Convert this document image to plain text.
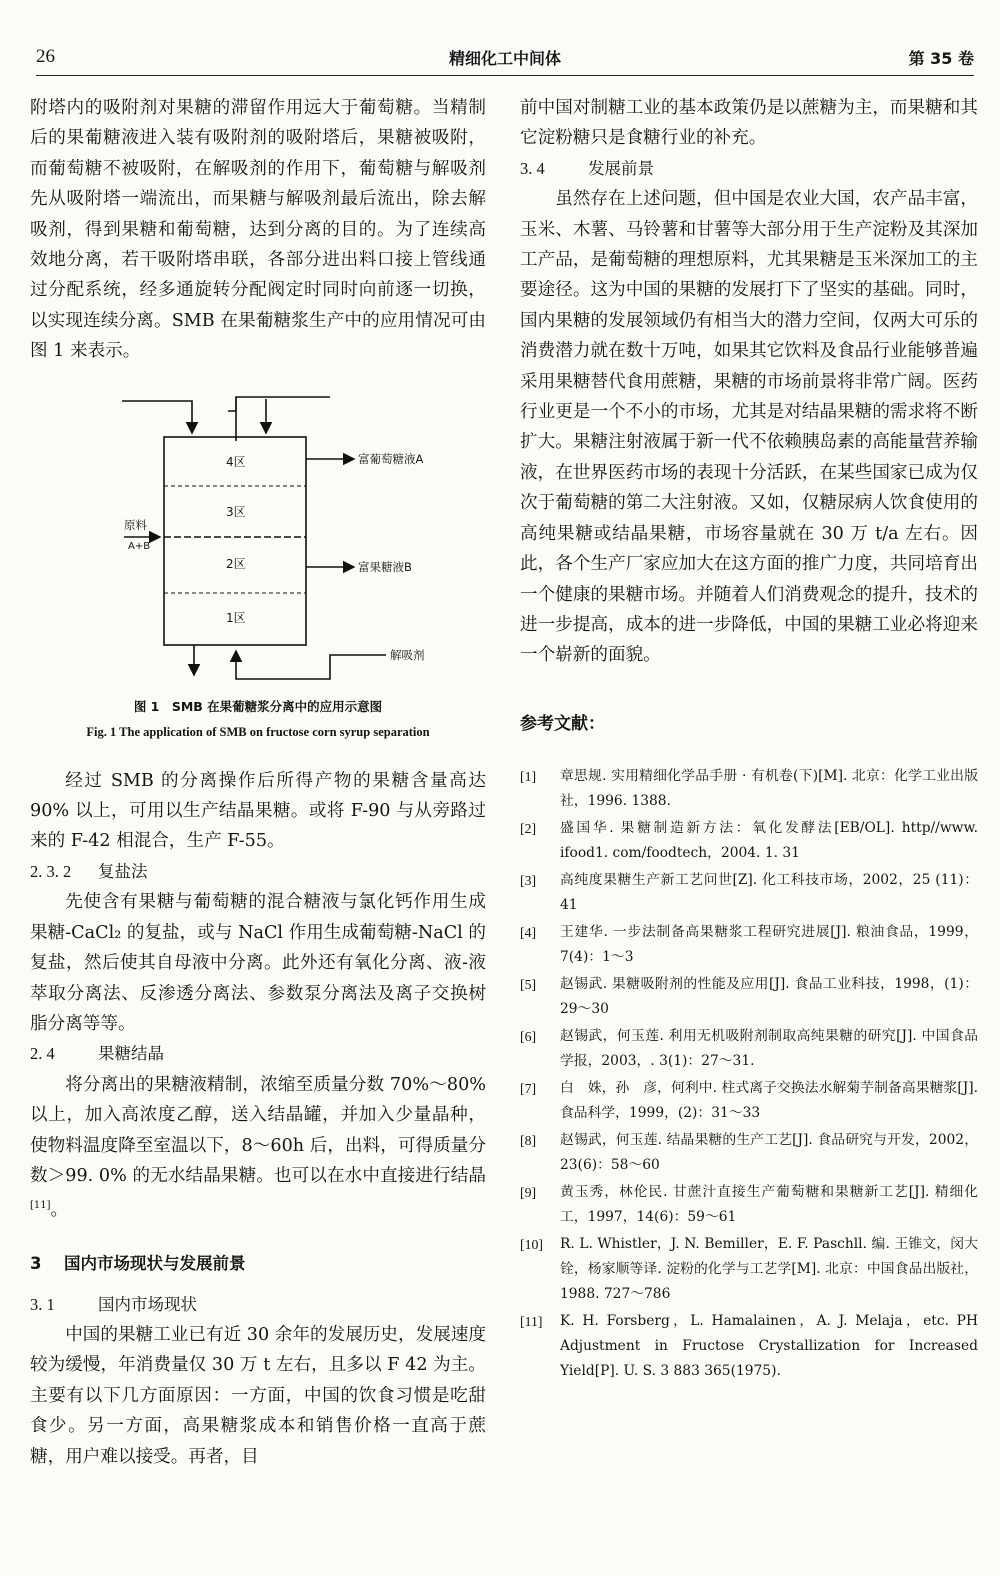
26	精细化工中间体	第 35 卷

附塔内的吸附剂对果糖的滞留作用远大于葡萄糖。当精制后的果葡糖液进入装有吸附剂的吸附塔后，果糖被吸附，而葡萄糖不被吸附，在解吸剂的作用下，葡萄糖与解吸剂先从吸附塔一端流出，而果糖与解吸剂最后流出，除去解吸剂，得到果糖和葡萄糖，达到分离的目的。为了连续高效地分离，若干吸附塔串联，各部分进出料口接上管线通过分配系统，经多通旋转分配阀定时同时向前逐一切换，以实现连续分离。SMB 在果葡糖浆生产中的应用情况可由图 1 来表示。

4区
3区
2区
1区
富葡萄糖液A
富果糖液B
原料
A+B
解吸剂
图 1　SMB 在果葡糖浆分离中的应用示意图
Fig. 1 The application of SMB on fructose corn syrup separation

经过 SMB 的分离操作后所得产物的果糖含量高达 90% 以上，可用以生产结晶果糖。或将 F-90 与从旁路过来的 F-42 相混合，生产 F-55。

2. 3. 2 复盐法

先使含有果糖与葡萄糖的混合糖液与氯化钙作用生成果糖-CaCl₂ 的复盐，或与 NaCl 作用生成葡萄糖-NaCl 的复盐，然后使其自母液中分离。此外还有氧化分离、液-液萃取分离法、反渗透分离法、参数泵分离法及离子交换树脂分离等等。

2. 4	果糖结晶

将分离出的果糖液精制，浓缩至质量分数 70%～80% 以上，加入高浓度乙醇，送入结晶罐，并加入少量晶种，使物料温度降至室温以下，8～60h 后，出料，可得质量分数＞99. 0% 的无水结晶果糖。也可以在水中直接进行结晶[11]。

3 国内市场现状与发展前景
3. 1	国内市场现状

中国的果糖工业已有近 30 余年的发展历史，发展速度较为缓慢，年消费量仅 30 万 t 左右，且多以 F 42 为主。主要有以下几方面原因：一方面，中国的饮食习惯是吃甜食少。另一方面，高果糖浆成本和销售价格一直高于蔗糖，用户难以接受。再者，目

前中国对制糖工业的基本政策仍是以蔗糖为主，而果糖和其它淀粉糖只是食糖行业的补充。

3. 4	发展前景

虽然存在上述问题，但中国是农业大国，农产品丰富，玉米、木薯、马铃薯和甘薯等大部分用于生产淀粉及其深加工产品，是葡萄糖的理想原料，尤其果糖是玉米深加工的主要途径。这为中国的果糖的发展打下了坚实的基础。同时，国内果糖的发展领域仍有相当大的潜力空间，仅两大可乐的消费潜力就在数十万吨，如果其它饮料及食品行业能够普遍采用果糖替代食用蔗糖，果糖的市场前景将非常广阔。医药行业更是一个不小的市场，尤其是对结晶果糖的需求将不断扩大。果糖注射液属于新一代不依赖胰岛素的高能量营养输液，在世界医药市场的表现十分活跃，在某些国家已成为仅次于葡萄糖的第二大注射液。又如，仅糖尿病人饮食使用的高纯果糖或结晶果糖，市场容量就在 30 万 t/a 左右。因此，各个生产厂家应加大在这方面的推广力度，共同培育出一个健康的果糖市场。并随着人们消费观念的提升，技术的进一步提高，成本的进一步降低，中国的果糖工业必将迎来一个崭新的面貌。

参考文献：
[1] 章思规. 实用精细化学品手册 · 有机卷(下)[M]. 北京：化学工业出版社，1996. 1388.
[2] 盛国华. 果糖制造新方法：氧化发酵法[EB/OL]. http//www. ifood1. com/foodtech，2004. 1. 31
[3] 高纯度果糖生产新工艺问世[Z]. 化工科技市场，2002，25 (11)：41
[4] 王建华. 一步法制备高果糖浆工程研究进展[J]. 粮油食品，1999，7(4)：1～3
[5] 赵锡武. 果糖吸附剂的性能及应用[J]. 食品工业科技，1998，(1)：29～30
[6] 赵锡武，何玉莲. 利用无机吸附剂制取高纯果糖的研究[J]. 中国食品学报，2003，. 3(1)：27～31.
[7] 白　姝，孙　彦，何利中. 柱式离子交换法水解菊芋制备高果糖浆[J]. 食品科学，1999，(2)：31～33
[8] 赵锡武，何玉莲. 结晶果糖的生产工艺[J]. 食品研究与开发，2002，23(6)：58～60
[9] 黄玉秀，林伦民. 甘蔗汁直接生产葡萄糖和果糖新工艺[J]. 精细化工，1997，14(6)：59～61
[10] R. L. Whistler，J. N. Bemiller，E. F. Paschll. 编. 王锥文，闵大铨，杨家顺等译. 淀粉的化学与工艺学[M]. 北京：中国食品出版社，1988. 727～786
[11] K. H. Forsberg，L. Hamalainen，A. J. Melaja，etc. PH Adjustment in Fructose Crystallization for Increased Yield[P]. U. S. 3 883 365(1975).
